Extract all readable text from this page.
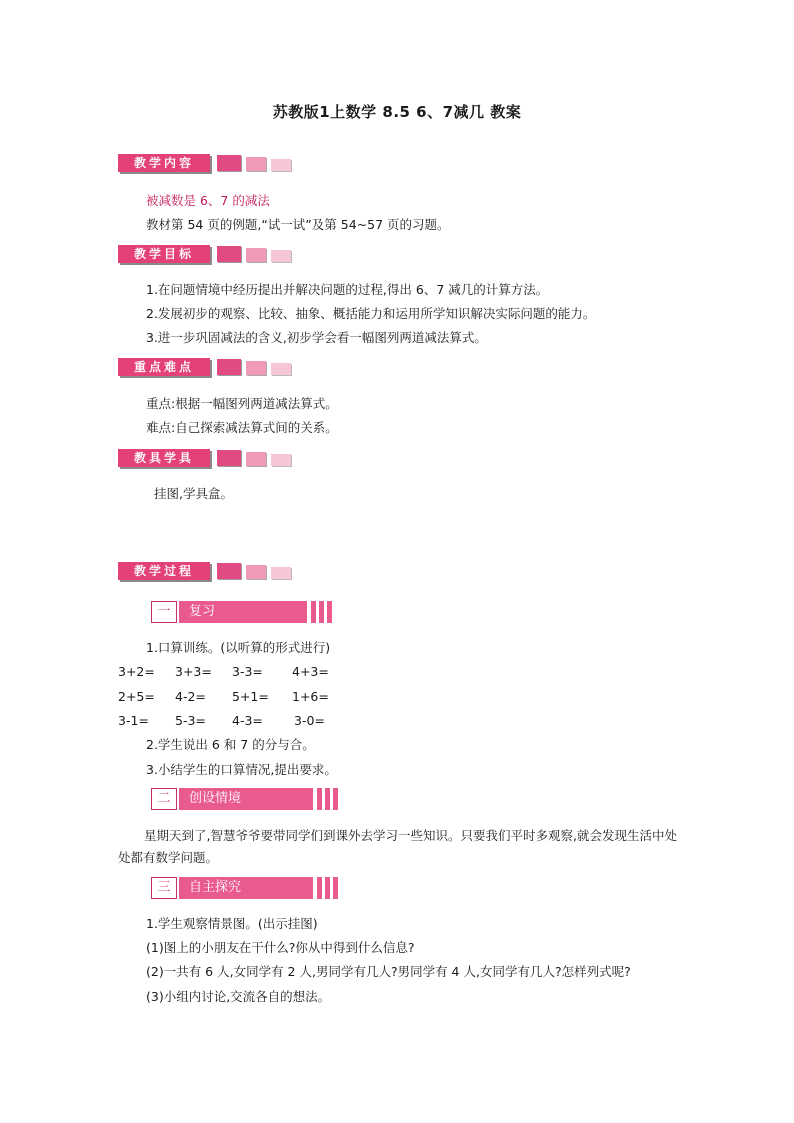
苏教版1上数学 8.5 6、7减几 教案
教学内容
被减数是 6、7 的减法
教材第 54 页的例题,“试一试”及第 54~57 页的习题。
教学目标
1.在问题情境中经历提出并解决问题的过程,得出 6、7 减几的计算方法。
2.发展初步的观察、比较、抽象、概括能力和运用所学知识解决实际问题的能力。
3.进一步巩固减法的含义,初步学会看一幅图列两道减法算式。
重点难点
重点:根据一幅图列两道减法算式。
难点:自己探索减法算式间的关系。
教具学具
挂图,学具盒。
教学过程
一	复习
1.口算训练。(以听算的形式进行)
3+2= 3+3= 3-3= 4+3=
2+5= 4-2= 5+1= 1+6=
3-1= 5-3= 4-3= 3-0=
2.学生说出 6 和 7 的分与合。
3.小结学生的口算情况,提出要求。
二	创设情境
星期天到了,智慧爷爷要带同学们到课外去学习一些知识。只要我们平时多观察,就会发现生活中处处都有数学问题。
三	自主探究
1.学生观察情景图。(出示挂图)
(1)图上的小朋友在干什么?你从中得到什么信息?
(2)一共有 6 人,女同学有 2 人,男同学有几人?男同学有 4 人,女同学有几人?怎样列式呢?
(3)小组内讨论,交流各自的想法。
